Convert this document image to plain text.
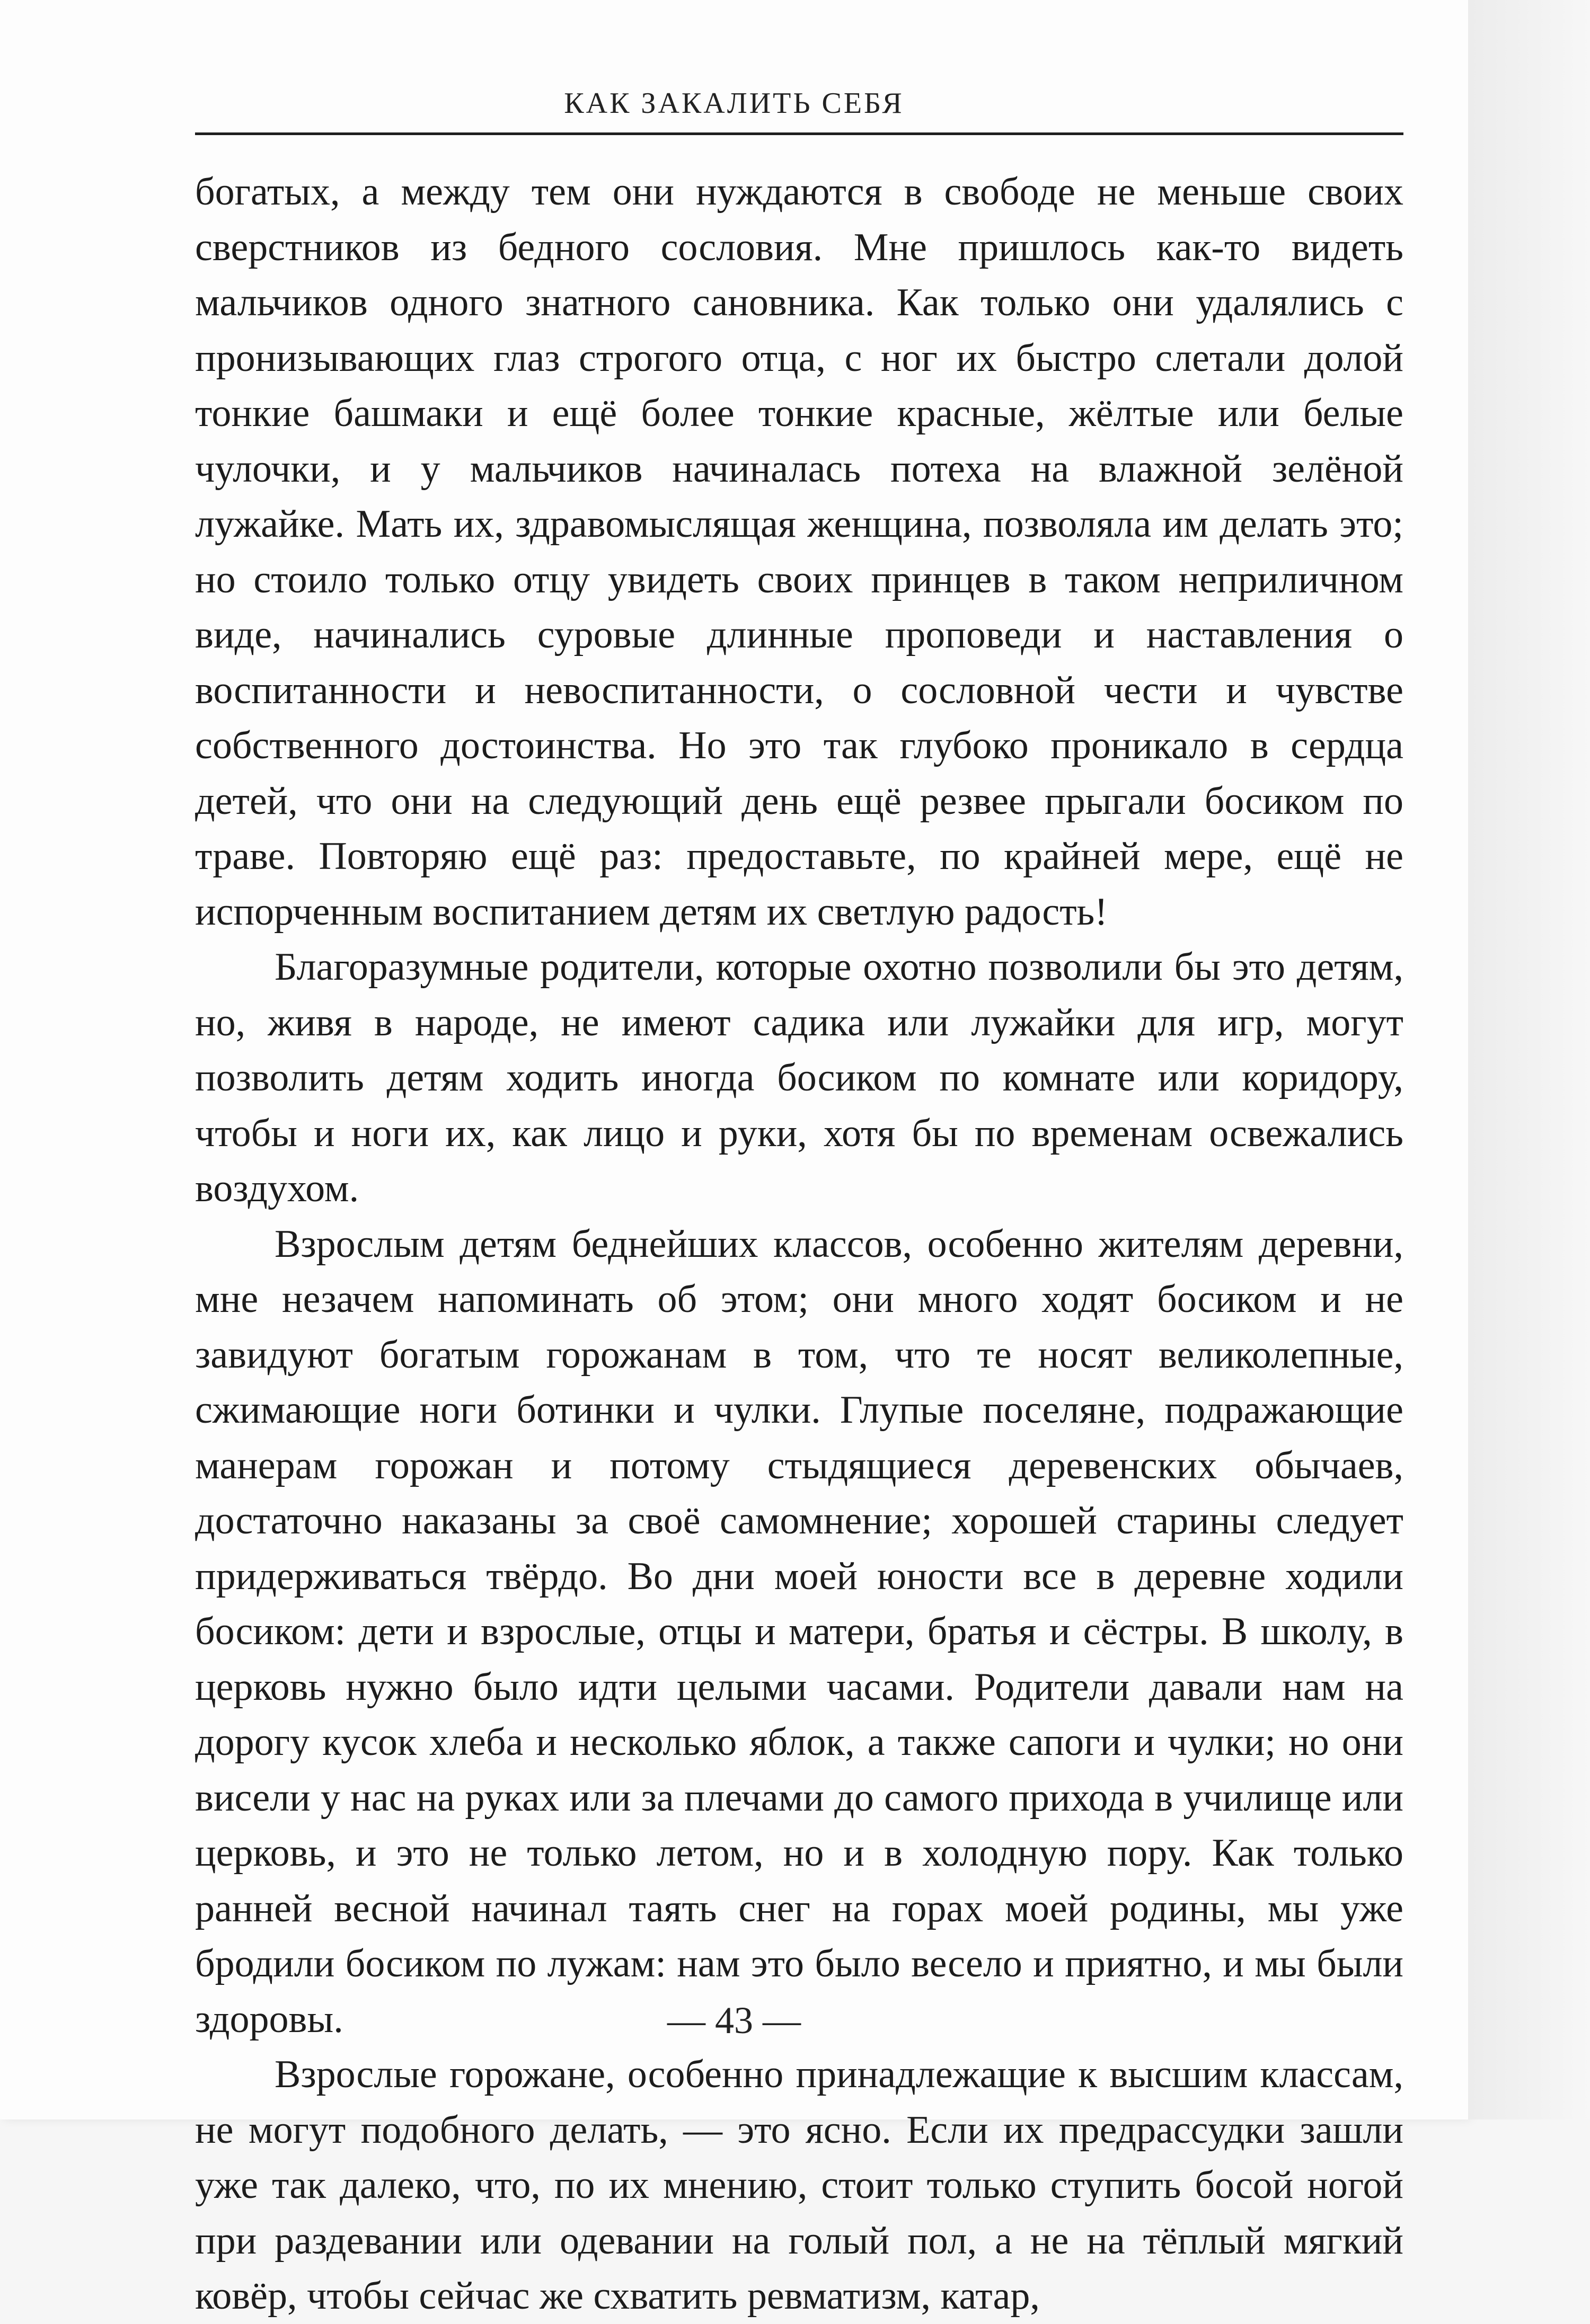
КАК ЗАКАЛИТЬ СЕБЯ

богатых, а между тем они нуждаются в свободе не меньше своих сверстников из бедного сословия. Мне пришлось как-то видеть мальчиков одного знатного сановника. Как только они удалялись с пронизывающих глаз строгого отца, с ног их быстро слетали долой тонкие башмаки и ещё более тонкие красные, жёлтые или белые чулочки, и у мальчиков начиналась потеха на влажной зелёной лужайке. Мать их, здравомыслящая женщина, позволяла им делать это; но стоило только отцу увидеть своих принцев в таком неприличном виде, начинались суровые длинные проповеди и наставления о воспитанности и невоспитанности, о сословной чести и чувстве собственного достоинства. Но это так глубоко проникало в сердца детей, что они на следующий день ещё резвее прыгали босиком по траве. Повторяю ещё раз: предоставьте, по крайней мере, ещё не испорченным воспитанием детям их светлую радость!

Благоразумные родители, которые охотно позволили бы это детям, но, живя в народе, не имеют садика или лужайки для игр, могут позволить детям ходить иногда босиком по комнате или коридору, чтобы и ноги их, как лицо и руки, хотя бы по временам освежались воздухом.

Взрослым детям беднейших классов, особенно жителям деревни, мне незачем напоминать об этом; они много ходят босиком и не завидуют богатым горожанам в том, что те носят великолепные, сжимающие ноги ботинки и чулки. Глупые поселяне, подражающие манерам горожан и потому стыдящиеся деревенских обычаев, достаточно наказаны за своё самомнение; хорошей старины следует придерживаться твёрдо. Во дни моей юности все в деревне ходили босиком: дети и взрослые, отцы и матери, братья и сёстры. В школу, в церковь нужно было идти целыми часами. Родители давали нам на дорогу кусок хлеба и несколько яблок, а также сапоги и чулки; но они висели у нас на руках или за плечами до самого прихода в училище или церковь, и это не только летом, но и в холодную пору. Как только ранней весной начинал таять снег на горах моей родины, мы уже бродили босиком по лужам: нам это было весело и приятно, и мы были здоровы.

Взрослые горожане, особенно принадлежащие к высшим классам, не могут подобного делать, — это ясно. Если их предрассудки зашли уже так далеко, что, по их мнению, стоит только ступить босой ногой при раздевании или одевании на голый пол, а не на тёплый мягкий ковёр, чтобы сейчас же схватить ревматизм, катар,

— 43 —
